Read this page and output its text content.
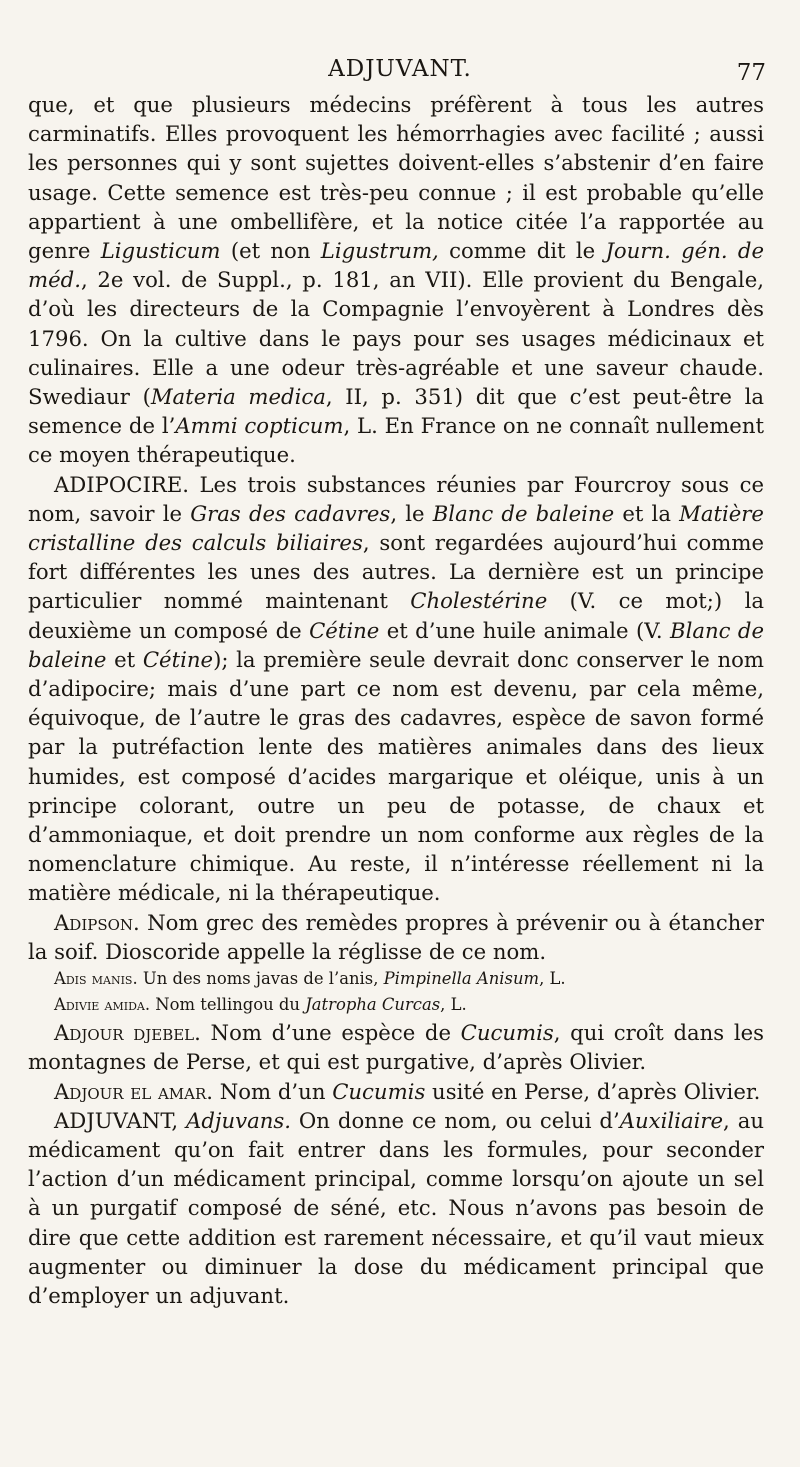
ADJUVANT.	77

que, et que plusieurs médecins préfèrent à tous les autres carminatifs. Elles provoquent les hémorrhagies avec facilité ; aussi les personnes qui y sont sujettes doivent-elles s’abstenir d’en faire usage. Cette semence est très-peu connue ; il est probable qu’elle appartient à une ombellifère, et la notice citée l’a rapportée au genre Ligusticum (et non Ligustrum, comme dit le Journ. gén. de méd., 2e vol. de Suppl., p. 181, an VII). Elle provient du Bengale, d’où les directeurs de la Compagnie l’envoyèrent à Londres dès 1796. On la cultive dans le pays pour ses usages médicinaux et culinaires. Elle a une odeur très-agréable et une saveur chaude. Swediaur (Materia medica, II, p. 351) dit que c’est peut-être la semence de l’Ammi copticum, L. En France on ne connaît nullement ce moyen thérapeutique.

ADIPOCIRE. Les trois substances réunies par Fourcroy sous ce nom, savoir le Gras des cadavres, le Blanc de baleine et la Matière cristalline des calculs biliaires, sont regardées aujourd’hui comme fort différentes les unes des autres. La dernière est un principe particulier nommé maintenant Cholestérine (V. ce mot;) la deuxième un composé de Cétine et d’une huile animale (V. Blanc de baleine et Cétine); la première seule devrait donc conserver le nom d’adipocire; mais d’une part ce nom est devenu, par cela même, équivoque, de l’autre le gras des cadavres, espèce de savon formé par la putréfaction lente des matières animales dans des lieux humides, est composé d’acides margarique et oléique, unis à un principe colorant, outre un peu de potasse, de chaux et d’ammoniaque, et doit prendre un nom conforme aux règles de la nomenclature chimique. Au reste, il n’intéresse réellement ni la matière médicale, ni la thérapeutique.

Adipson. Nom grec des remèdes propres à prévenir ou à étancher la soif. Dioscoride appelle la réglisse de ce nom.

Adis manis. Un des noms javas de l’anis, Pimpinella Anisum, L.

Adivie amida. Nom tellingou du Jatropha Curcas, L.

Adjour djebel. Nom d’une espèce de Cucumis, qui croît dans les montagnes de Perse, et qui est purgative, d’après Olivier.

Adjour el amar. Nom d’un Cucumis usité en Perse, d’après Olivier.

ADJUVANT, Adjuvans. On donne ce nom, ou celui d’Auxiliaire, au médicament qu’on fait entrer dans les formules, pour seconder l’action d’un médicament principal, comme lorsqu’on ajoute un sel à un purgatif composé de séné, etc. Nous n’avons pas besoin de dire que cette addition est rarement nécessaire, et qu’il vaut mieux augmenter ou diminuer la dose du médicament principal que d’employer un adjuvant.
